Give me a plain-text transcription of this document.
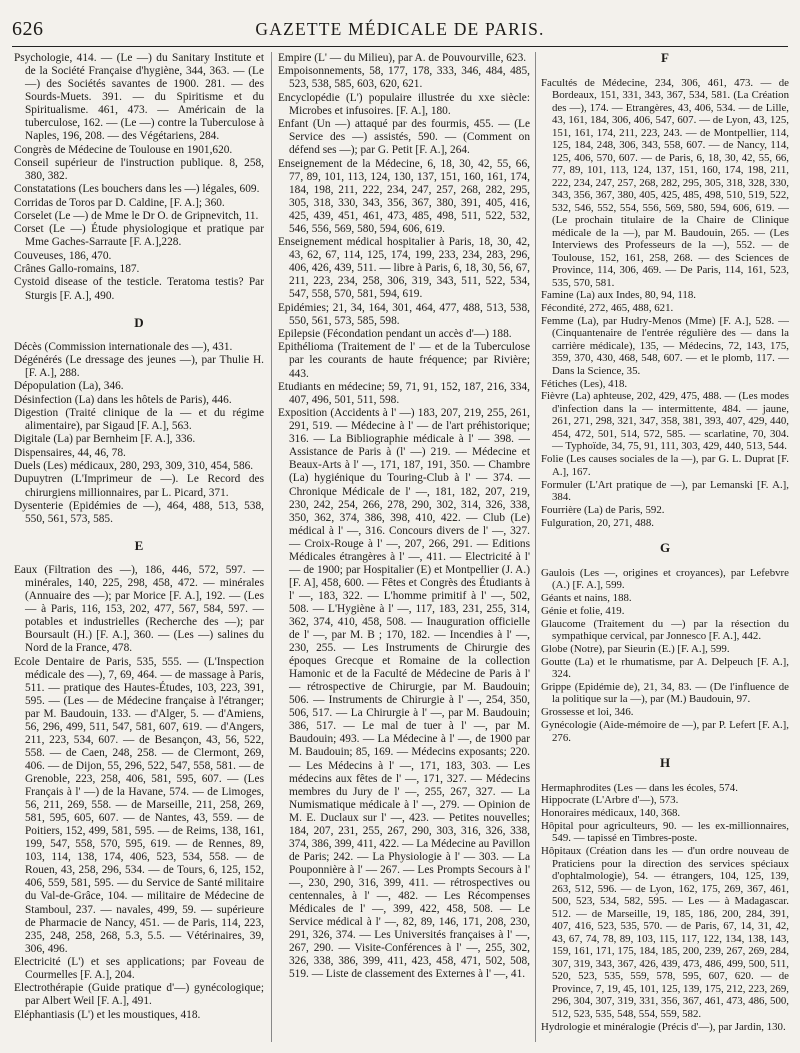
626	GAZETTE MÉDICALE DE PARIS.
Psychologie, 414. — (Le —) du Sanitary Institute et de la Société Française d'hygiène, 344, 363. — (Le —) des Sociétés savantes de 1900. 281. — des Sourds-Muets. 391. — du Spiritisme et du Spiritualisme. 461, 473. — Américain de la tuberculose, 162. — (Le —) contre la Tuberculose à Naples, 196, 208. — des Végétariens, 284.
Congrès de Médecine de Toulouse en 1901,620.
Conseil supérieur de l'instruction publique. 8, 258, 380, 382.
Constatations (Les bouchers dans les —) légales, 609.
Corridas de Toros par D. Caldine, [F. A.]; 360.
Corselet (Le —) de Mme le Dr O. de Gripnevitch, 11.
Corset (Le —) Étude physiologique et pratique par Mme Gaches-Sarraute [F. A.],228.
Couveuses, 186, 470.
Crânes Gallo-romains, 187.
Cystoid disease of the testicle. Teratoma testis? Par Sturgis [F. A.], 490.
D
Décès (Commission internationale des —), 431.
Dégénérés (Le dressage des jeunes —), par Thulie H. [F. A.], 288.
Dépopulation (La), 346.
Désinfection (La) dans les hôtels de Paris), 446.
Digestion (Traité clinique de la — et du régime alimentaire), par Sigaud [F. A.], 563.
Digitale (La) par Bernheim [F. A.], 336.
Dispensaires, 44, 46, 78.
Duels (Les) médicaux, 280, 293, 309, 310, 454, 586.
Dupuytren (L'Imprimeur de —). Le Record des chirurgiens millionnaires, par L. Picard, 371.
Dysenterie (Epidémies de —), 464, 488, 513, 538, 550, 561, 573, 585.
E
Eaux (Filtration des —), 186, 446, 572, 597. — minérales, 140, 225, 298, 458, 472. — minérales (Annuaire des —); par Morice [F. A.], 192. — (Les — à Paris, 116, 153, 202, 477, 567, 584, 597. — potables et industrielles (Recherche des —); par Boursault (H.) [F. A.], 360. — (Les —) salines du Nord de la France, 478.
Ecole Dentaire de Paris, 535, 555. — (L'Inspection médicale des —), 7, 69, 464. — de massage à Paris, 511. — pratique des Hautes-Études, 103, 223, 391, 595. — (Les — de Médecine française à l'étranger; par M. Baudouin, 133. — d'Alger, 5. — d'Amiens, 56, 296, 499, 511, 547, 581, 607, 619. — d'Angers, 211, 223, 534, 607. — de Besançon, 43, 56, 522, 558. — de Caen, 248, 258. — de Clermont, 269, 406. — de Dijon, 55, 296, 522, 547, 558, 581. — de Grenoble, 223, 258, 406, 581, 595, 607. — (Les Français à l' —) de la Havane, 574. — de Limoges, 56, 211, 269, 558. — de Marseille, 211, 258, 269, 581, 595, 605, 607. — de Nantes, 43, 559. — de Poitiers, 152, 499, 581, 595. — de Reims, 138, 161, 199, 547, 558, 570, 595, 619. — de Rennes, 89, 103, 114, 138, 174, 406, 523, 534, 558. — de Rouen, 43, 258, 296, 534. — de Tours, 6, 125, 152, 406, 559, 581, 595. — du Service de Santé militaire du Val-de-Grâce, 104. — militaire de Médecine de Stamboul, 237. — navales, 499, 59. — supérieure de Pharmacie de Nancy, 451. — de Paris, 114, 223, 235, 248, 258, 268, 5.3, 5.5. — Vétérinaires, 39, 306, 496.
Electricité (L') et ses applications; par Foveau de Courmelles [F. A.], 204.
Electrothérapie (Guide pratique d'—) gynécologique; par Albert Weil [F. A.], 491.
Eléphantiasis (L') et les moustiques, 418.
Empire (L' — du Milieu), par A. de Pouvourville, 623.
Empoisonnements, 58, 177, 178, 333, 346, 484, 485, 523, 538, 585, 603, 620, 621.
Encyclopédie (L') populaire illustrée du xxe siècle: Microbes et infusoires. [F. A.], 180.
Enfant (Un —) attaqué par des fourmis, 455. — (Le Service des —) assistés, 590. — (Comment on défend ses —); par G. Petit [F. A.], 264.
Enseignement de la Médecine, 6, 18, 30, 42, 55, 66, 77, 89, 101, 113, 124, 130, 137, 151, 160, 161, 174, 184, 198, 211, 222, 234, 247, 257, 268, 282, 295, 305, 318, 330, 343, 356, 367, 380, 391, 405, 416, 425, 439, 451, 461, 473, 485, 498, 511, 522, 532, 546, 556, 569, 580, 594, 606, 619.
Enseignement médical hospitalier à Paris, 18, 30, 42, 43, 62, 67, 114, 125, 174, 199, 233, 234, 283, 296, 406, 426, 439, 511. — libre à Paris, 6, 18, 30, 56, 67, 211, 223, 234, 258, 306, 319, 343, 511, 522, 534, 547, 558, 570, 581, 594, 619.
Epidémies; 21, 34, 164, 301, 464, 477, 488, 513, 538, 550, 561, 573, 585, 598.
Epilepsie (Fécondation pendant un accès d'—) 188.
Epithélioma (Traitement de l' — et de la Tuberculose par les courants de haute fréquence; par Rivière; 443.
Etudiants en médecine; 59, 71, 91, 152, 187, 216, 334, 407, 496, 501, 511, 598.
Exposition (Accidents à l' —) 183, 207, 219, 255, 261, 291, 519. — Médecine à l' — de l'art préhistorique; 316. — La Bibliographie médicale à l' — 398. — Assistance de Paris à (l' —) 219. — Médecine et Beaux-Arts à l' —, 171, 187, 191, 350. — Chambre (La) hygiénique du Touring-Club à l' — 374. — Chronique Médicale de l' —, 181, 182, 207, 219, 230, 242, 254, 266, 278, 290, 302, 314, 326, 338, 350, 362, 374, 386, 398, 410, 422. — Club (Le) médical à l' —, 316. Concours divers de l' —, 327. — Croix-Rouge à l' —, 207, 266, 291. — Editions Médicales étrangères à l' —, 411. — Electricité à l' — de 1900; par Hospitalier (E) et Montpellier (J. A.) [F. A], 458, 600. — Fêtes et Congrès des Étudiants à l' —, 183, 322. — L'homme primitif à l' —, 502, 508. — L'Hygiène à l' —, 117, 183, 231, 255, 314, 362, 374, 410, 458, 508. — Inauguration officielle de l' —, par M. B ; 170, 182. — Incendies à l' —, 230, 255. — Les Instruments de Chirurgie des époques Grecque et Romaine de la collection Hamonic et de la Faculté de Médecine de Paris à l' — rétrospective de Chirurgie, par M. Baudouin; 506. — Instruments de Chirurgie à l' —, 254, 350, 506, 517. — La Chirurgie à l' —, par M. Baudouin; 386, 517. — Le mal de tuer à l' —, par M. Baudouin; 493. — La Médecine à l' —, de 1900 par M. Baudouin; 85, 169. — Médecins exposants; 220. — Les Médecins à l' —, 171, 183, 303. — Les médecins aux fêtes de l' —, 171, 327. — Médecins membres du Jury de l' —, 255, 267, 327. — La Numismatique médicale à l' —, 279. — Opinion de M. E. Duclaux sur l' —, 423. — Petites nouvelles; 184, 207, 231, 255, 267, 290, 303, 316, 326, 338, 374, 386, 399, 411, 422. — La Médecine au Pavillon de Paris; 242. — La Physiologie à l' — 303. — La Pouponnière à l' — 267. — Les Prompts Secours à l' —, 230, 290, 316, 399, 411. — rétrospectives ou centennales, à l' —, 482. — Les Récompenses Médicales de l' —, 399, 422, 458, 508. — Le Service médical à l' —, 82, 89, 146, 171, 208, 230, 291, 326, 374. — Les Universités françaises à l' —, 267, 290. — Visite-Conférences à l' —, 255, 302, 326, 338, 386, 399, 411, 423, 458, 471, 502, 508, 519. — Liste de classement des Externes à l' —, 41.
F
Facultés de Médecine, 234, 306, 461, 473. — de Bordeaux, 151, 331, 343, 367, 534, 581. (La Création des —), 174. — Etrangères, 43, 406, 534. — de Lille, 43, 161, 184, 306, 406, 547, 607. — de Lyon, 43, 125, 151, 161, 174, 211, 223, 243. — de Montpellier, 114, 125, 184, 248, 306, 343, 558, 607. — de Nancy, 114, 125, 406, 570, 607. — de Paris, 6, 18, 30, 42, 55, 66, 77, 89, 101, 113, 124, 137, 151, 160, 174, 198, 211, 222, 234, 247, 257, 268, 282, 295, 305, 318, 328, 330, 343, 356, 367, 380, 405, 425, 485, 498, 510, 519, 522, 532, 546, 552, 554, 556, 569, 580, 594, 606, 619. — (Le prochain titulaire de la Chaire de Clinique médicale de la —), par M. Baudouin, 265. — (Les Interviews des Professeurs de la —), 552. — de Toulouse, 152, 161, 258, 268. — des Sciences de Province, 114, 306, 469. — De Paris, 114, 161, 523, 535, 570, 581.
Famine (La) aux Indes, 80, 94, 118.
Fécondité, 272, 465, 488, 621.
Femme (La), par Hudry-Menos (Mme) [F. A.], 528. — (Cinquantenaire de l'entrée régulière des — dans la carrière médicale), 135, — Médecins, 72, 143, 175, 359, 370, 430, 468, 548, 607. — et le plomb, 117. — Dans la Science, 35.
Fétiches (Les), 418.
Fièvre (La) aphteuse, 202, 429, 475, 488. — (Les modes d'infection dans la — intermittente, 484. — jaune, 261, 271, 298, 321, 347, 358, 381, 393, 407, 429, 440, 454, 472, 501, 514, 572, 585. — scarlatine, 70, 304. — Typhoïde, 34, 75, 91, 111, 303, 429, 440, 513, 544.
Folie (Les causes sociales de la —), par G. L. Duprat [F. A.], 167.
Formuler (L'Art pratique de —), par Lemanski [F. A.], 384.
Fourrière (La) de Paris, 592.
Fulguration, 20, 271, 488.
G
Gaulois (Les —, origines et croyances), par Lefebvre (A.) [F. A.], 599.
Géants et nains, 188.
Génie et folie, 419.
Glaucome (Traitement du —) par la résection du sympathique cervical, par Jonnesco [F. A.], 442.
Globe (Notre), par Sieurin (E.) [F. A.], 599.
Goutte (La) et le rhumatisme, par A. Delpeuch [F. A.], 324.
Grippe (Epidémie de), 21, 34, 83. — (De l'influence de la politique sur la —), par (M.) Baudouin, 97.
Grossesse et loi, 346.
Gynécologie (Aide-mémoire de —), par P. Lefert [F. A.], 276.
H
Hermaphrodites (Les — dans les écoles, 574.
Hippocrate (L'Arbre d'—), 573.
Honoraires médicaux, 140, 368.
Hôpital pour agriculteurs, 90. — les ex-millionnaires, 549. — tapissé en Timbres-poste.
Hôpitaux (Création dans les — d'un ordre nouveau de Praticiens pour la direction des services spéciaux d'ophtalmologie), 54. — étrangers, 104, 125, 139, 263, 512, 596. — de Lyon, 162, 175, 269, 367, 461, 500, 523, 534, 582, 595. — Les — à Madagascar. 512. — de Marseille, 19, 185, 186, 200, 284, 391, 407, 416, 523, 535, 570. — de Paris, 67, 14, 31, 42, 43, 67, 74, 78, 89, 103, 115, 117, 122, 134, 138, 143, 159, 161, 171, 175, 184, 185, 200, 239, 267, 269, 284, 307, 319, 343, 367, 426, 439, 473, 486, 499, 500, 511, 520, 523, 535, 559, 578, 595, 607, 620. — de Province, 7, 19, 45, 101, 125, 139, 175, 212, 223, 269, 296, 304, 307, 319, 331, 356, 367, 461, 473, 486, 500, 512, 523, 535, 548, 554, 559, 582.
Hydrologie et minéralogie (Précis d'—), par Jardin, 130.
